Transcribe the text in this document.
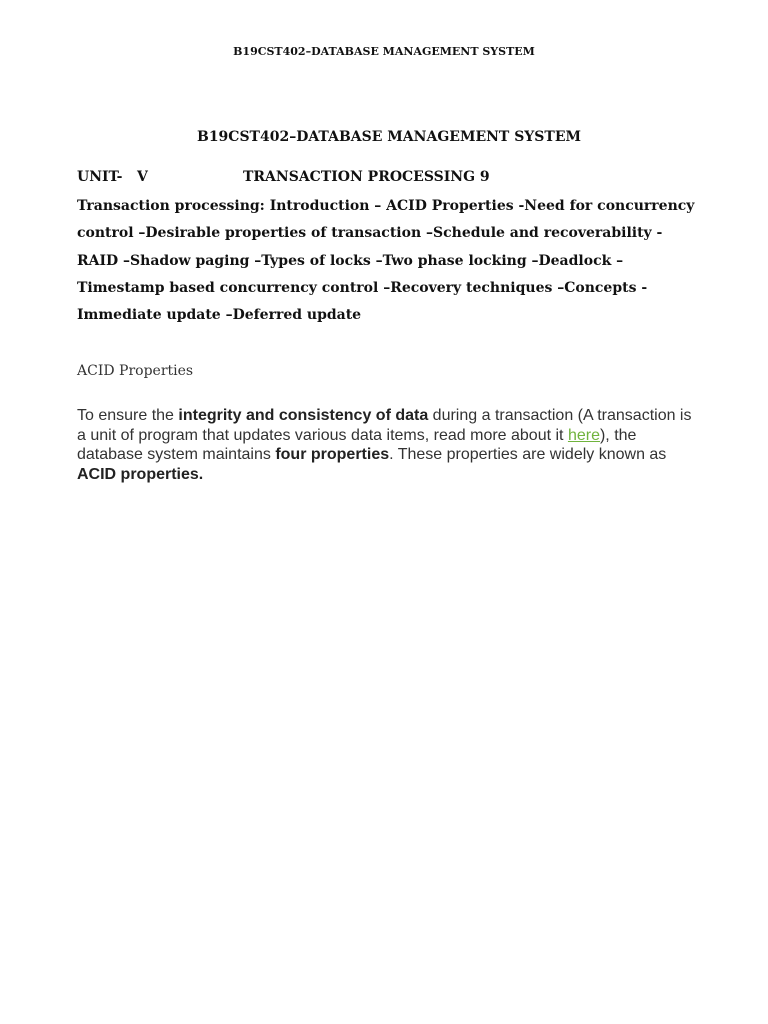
B19CST402–DATABASE MANAGEMENT SYSTEM
B19CST402–DATABASE MANAGEMENT SYSTEM
UNIT- V	TRANSACTION PROCESSING 9

Transaction processing: Introduction – ACID Properties -Need for concurrency control –Desirable properties of transaction –Schedule and recoverability - RAID –Shadow paging –Types of locks –Two phase locking –Deadlock –Timestamp based concurrency control –Recovery techniques –Concepts -Immediate update –Deferred update

ACID Properties

To ensure the integrity and consistency of data during a transaction (A transaction is a unit of program that updates various data items, read more about it here), the database system maintains four properties. These properties are widely known as ACID properties.
